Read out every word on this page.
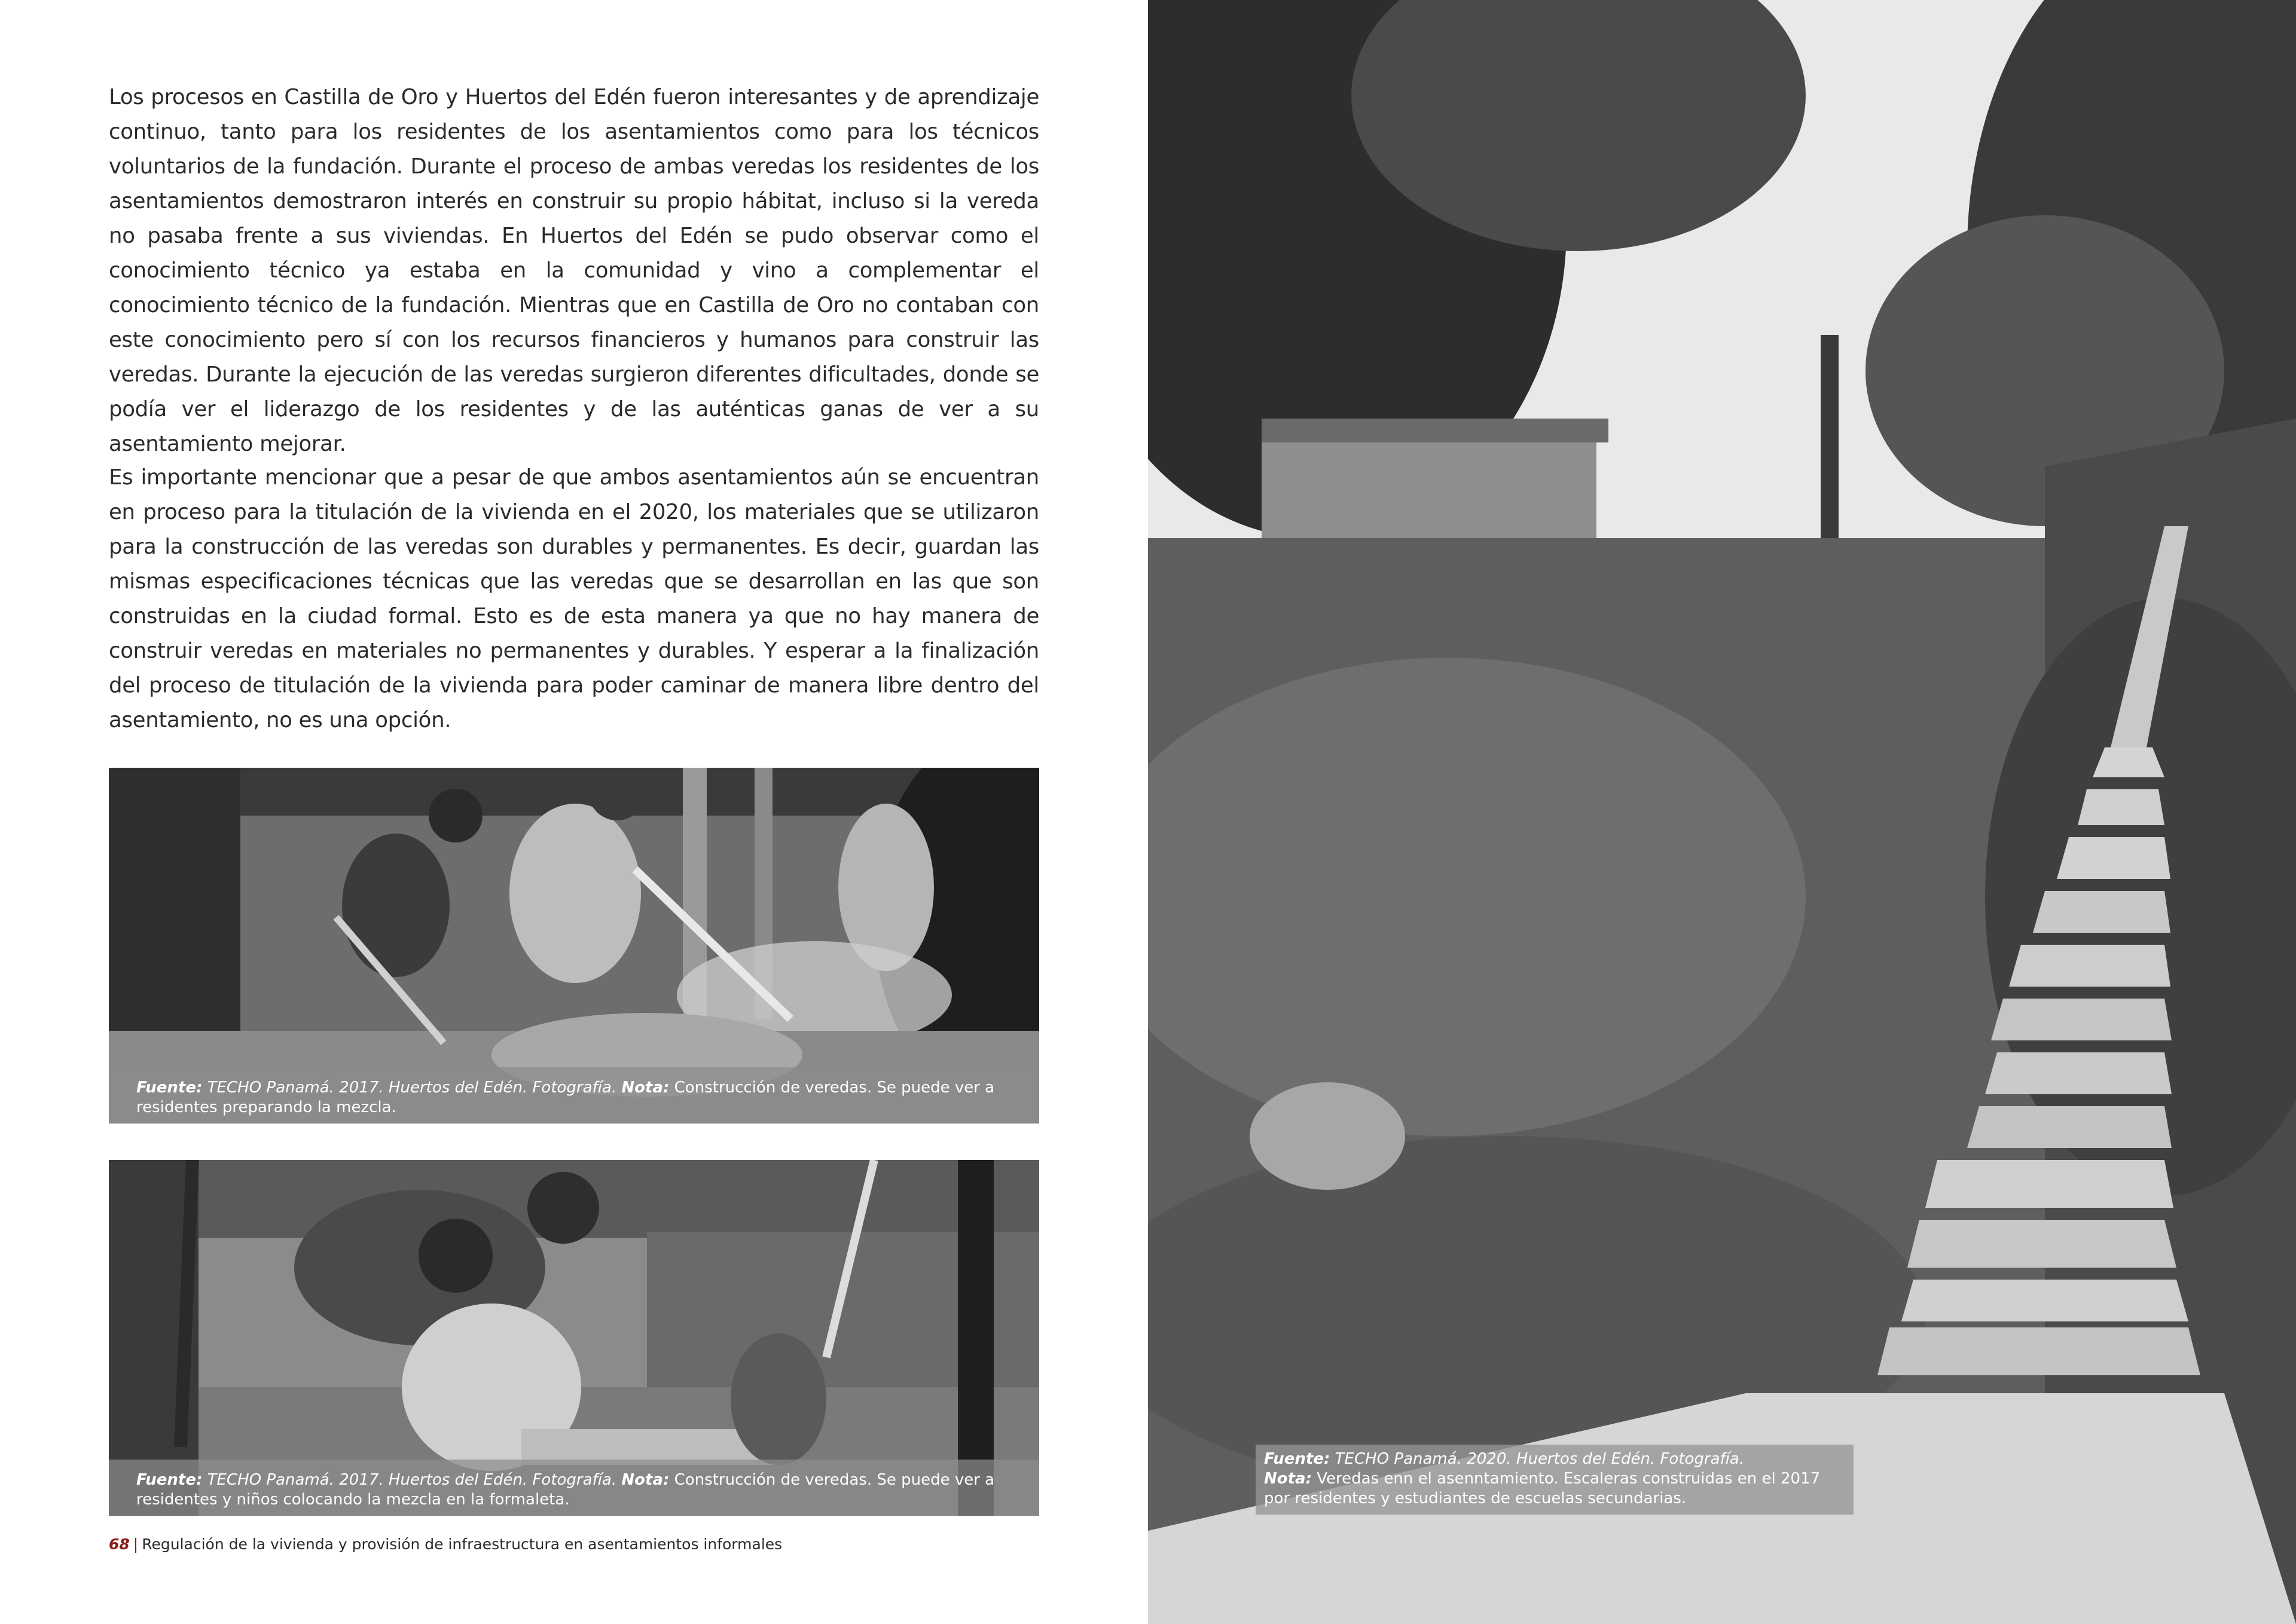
Los procesos en Castilla de Oro y Huertos del Edén fueron interesantes y de aprendizaje continuo, tanto para los residentes de los asentamientos como para los técnicos voluntarios de la fundación. Durante el proceso de ambas veredas los residentes de los asentamientos demostraron interés en construir su propio hábitat, incluso si la vereda no pasaba frente a sus viviendas. En Huertos del Edén se pudo observar como el conocimiento técnico ya estaba en la comunidad y vino a complementar el conocimiento técnico de la fundación. Mientras que en Castilla de Oro no contaban con este conocimiento pero sí con los recursos financieros y humanos para construir las veredas. Durante la ejecución de las veredas surgieron diferentes dificultades, donde se podía ver el liderazgo de los residentes y de las auténticas ganas de ver a su asentamiento mejorar.

Es importante mencionar que a pesar de que ambos asentamientos aún se encuentran en proceso para la titulación de la vivienda en el 2020, los materiales que se utilizaron para la construcción de las veredas son durables y permanentes. Es decir, guardan las mismas especificaciones técnicas que las veredas que se desarrollan en las que son construidas en la ciudad formal. Esto es de esta manera ya que no hay manera de construir veredas en materiales no permanentes y durables. Y esperar a la finalización del proceso de titulación de la vivienda para poder caminar de manera libre dentro del asentamiento, no es una opción.

Fuente: TECHO Panamá. 2017. Huertos del Edén. Fotografía. Nota: Construcción de veredas. Se puede ver a residentes preparando la mezcla.
Fuente: TECHO Panamá. 2017. Huertos del Edén. Fotografía. Nota: Construcción de veredas. Se puede ver a residentes y niños colocando la mezcla en la formaleta.
68 | Regulación de la vivienda y provisión de infraestructura en asentamientos informales
Fuente: TECHO Panamá. 2020. Huertos del Edén. Fotografía.
Nota: Veredas enn el asenntamiento. Escaleras construidas en el 2017 por residentes y estudiantes de escuelas secundarias.
